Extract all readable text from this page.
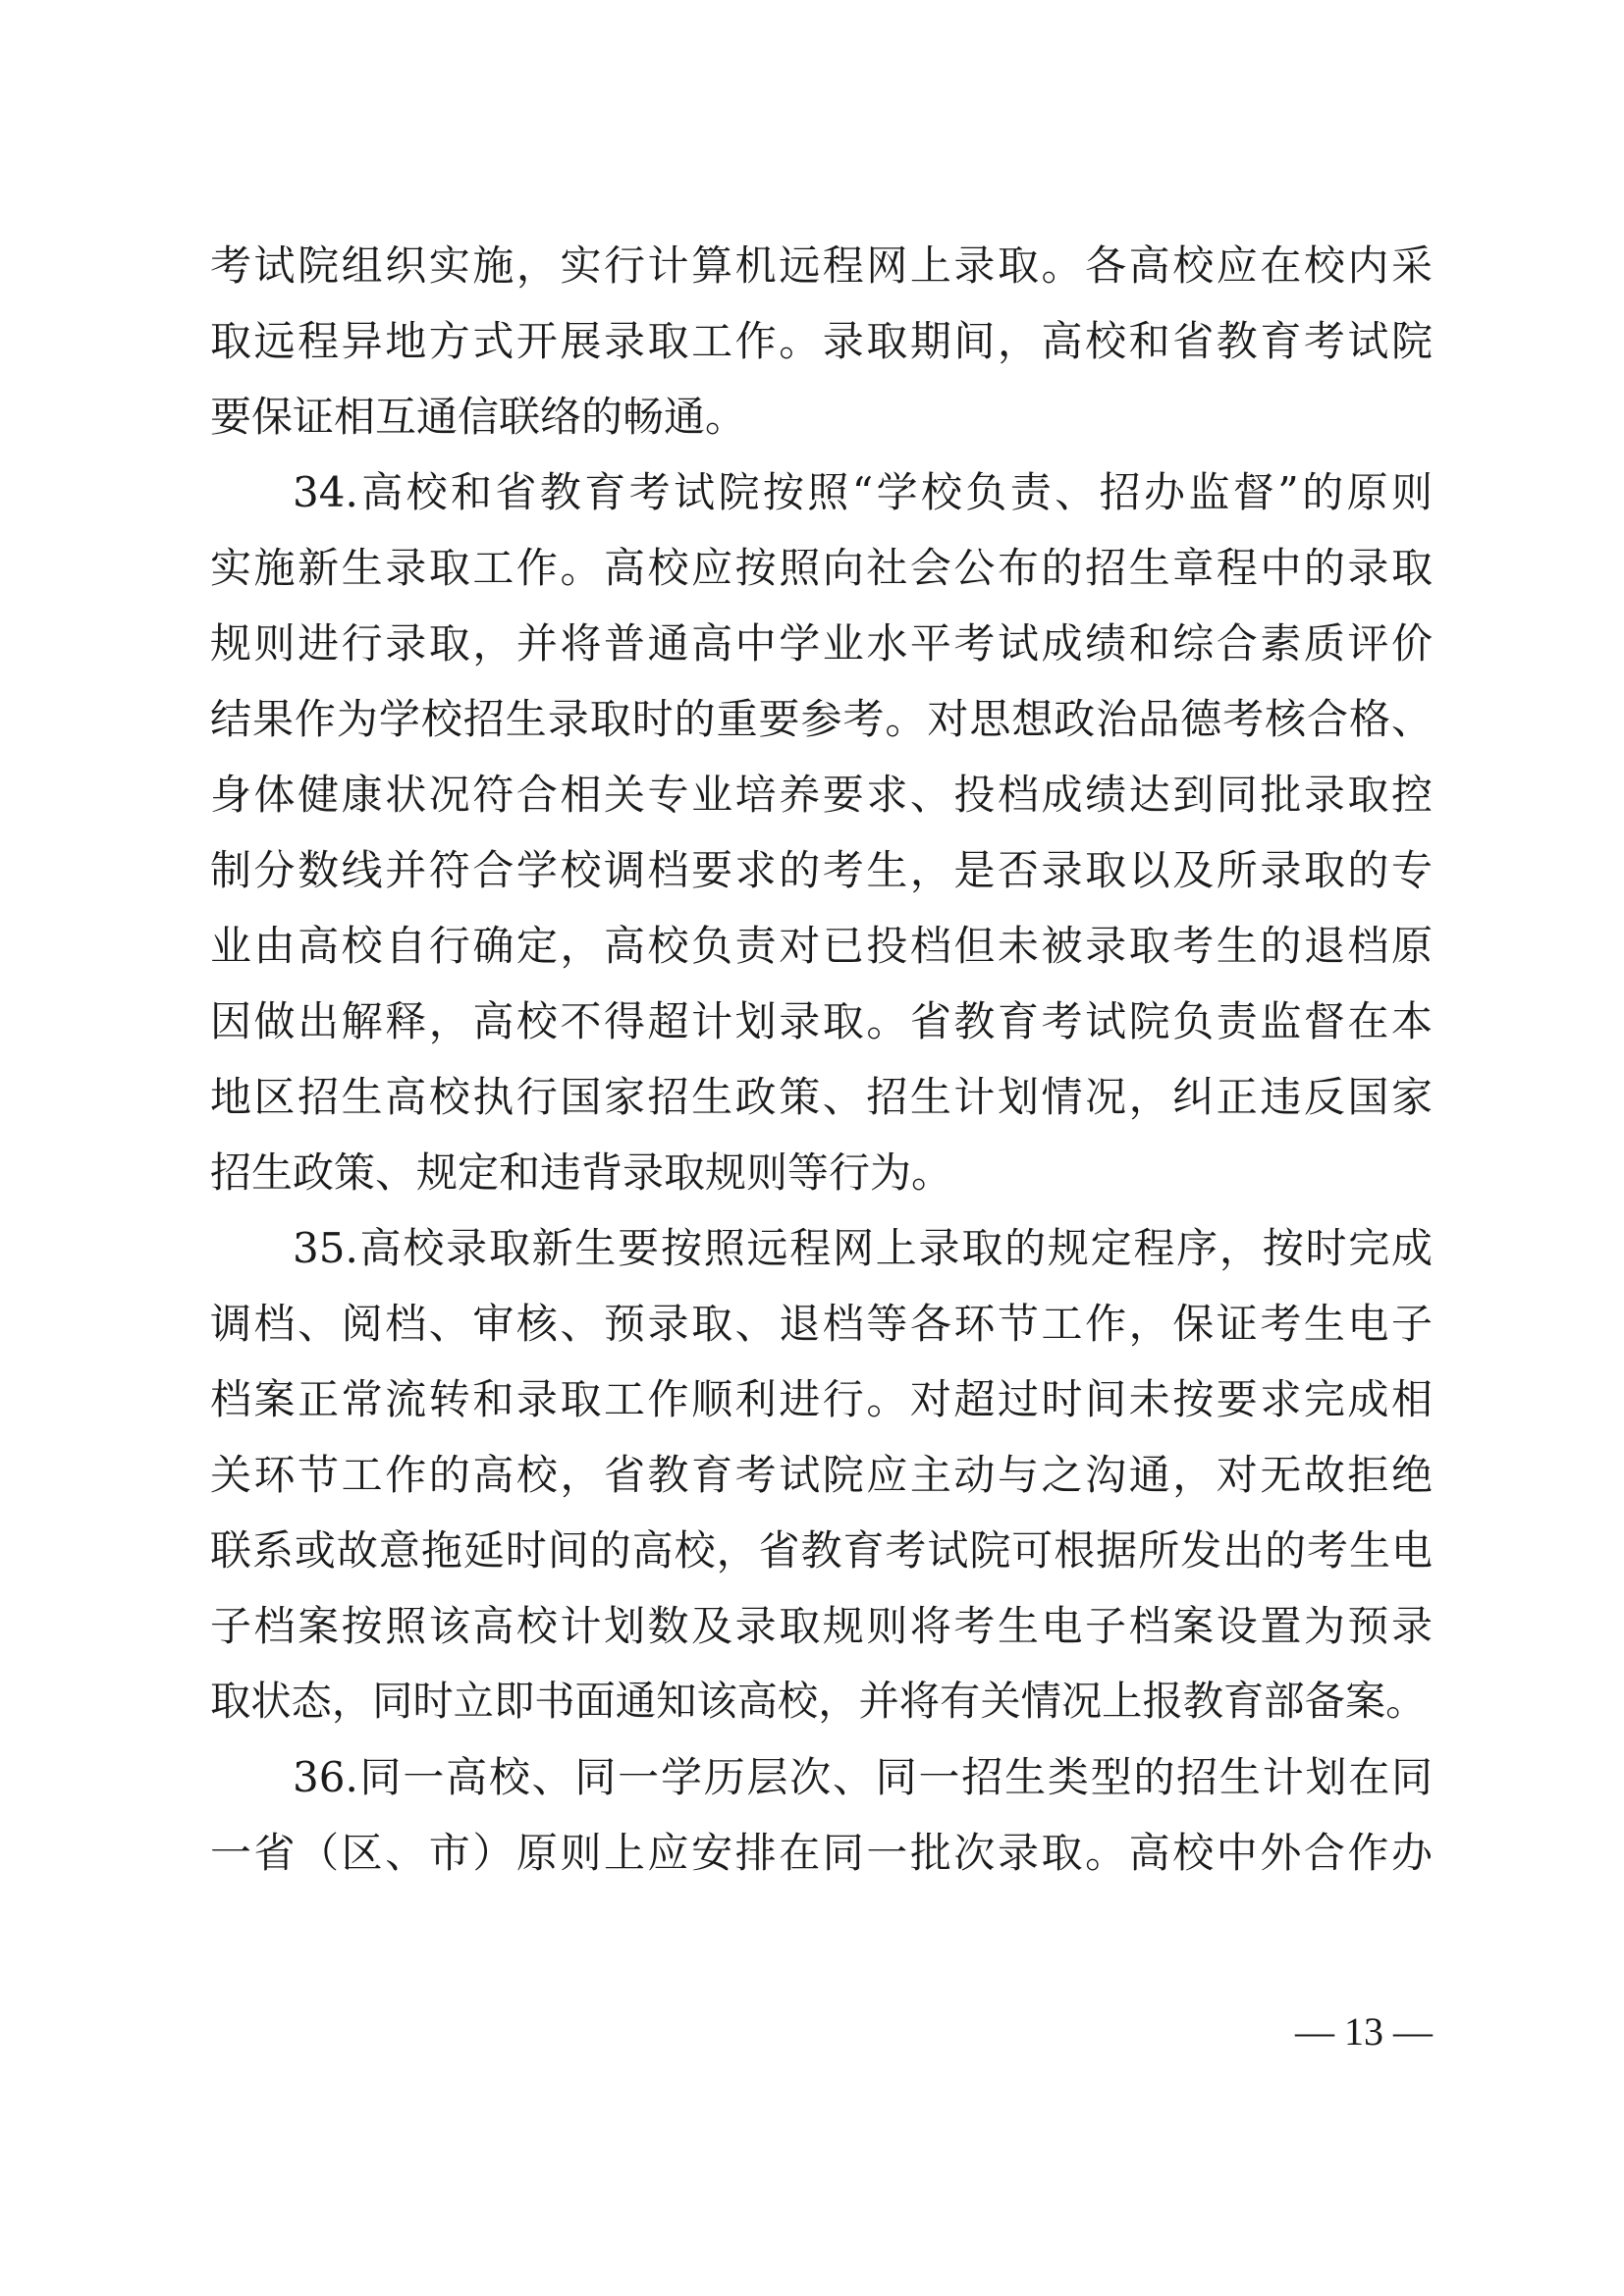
考试院组织实施，实行计算机远程网上录取。各高校应在校内采
取远程异地方式开展录取工作。录取期间，高校和省教育考试院
要保证相互通信联络的畅通。
34.高校和省教育考试院按照“学校负责、招办监督”的原则
实施新生录取工作。高校应按照向社会公布的招生章程中的录取
规则进行录取，并将普通高中学业水平考试成绩和综合素质评价
结果作为学校招生录取时的重要参考。对思想政治品德考核合格、
身体健康状况符合相关专业培养要求、投档成绩达到同批录取控
制分数线并符合学校调档要求的考生，是否录取以及所录取的专
业由高校自行确定，高校负责对已投档但未被录取考生的退档原
因做出解释，高校不得超计划录取。省教育考试院负责监督在本
地区招生高校执行国家招生政策、招生计划情况，纠正违反国家
招生政策、规定和违背录取规则等行为。
35.高校录取新生要按照远程网上录取的规定程序，按时完成
调档、阅档、审核、预录取、退档等各环节工作，保证考生电子
档案正常流转和录取工作顺利进行。对超过时间未按要求完成相
关环节工作的高校，省教育考试院应主动与之沟通，对无故拒绝
联系或故意拖延时间的高校，省教育考试院可根据所发出的考生电
子档案按照该高校计划数及录取规则将考生电子档案设置为预录
取状态，同时立即书面通知该高校，并将有关情况上报教育部备案。
36.同一高校、同一学历层次、同一招生类型的招生计划在同
一省（区、市）原则上应安排在同一批次录取。高校中外合作办
— 13 —
